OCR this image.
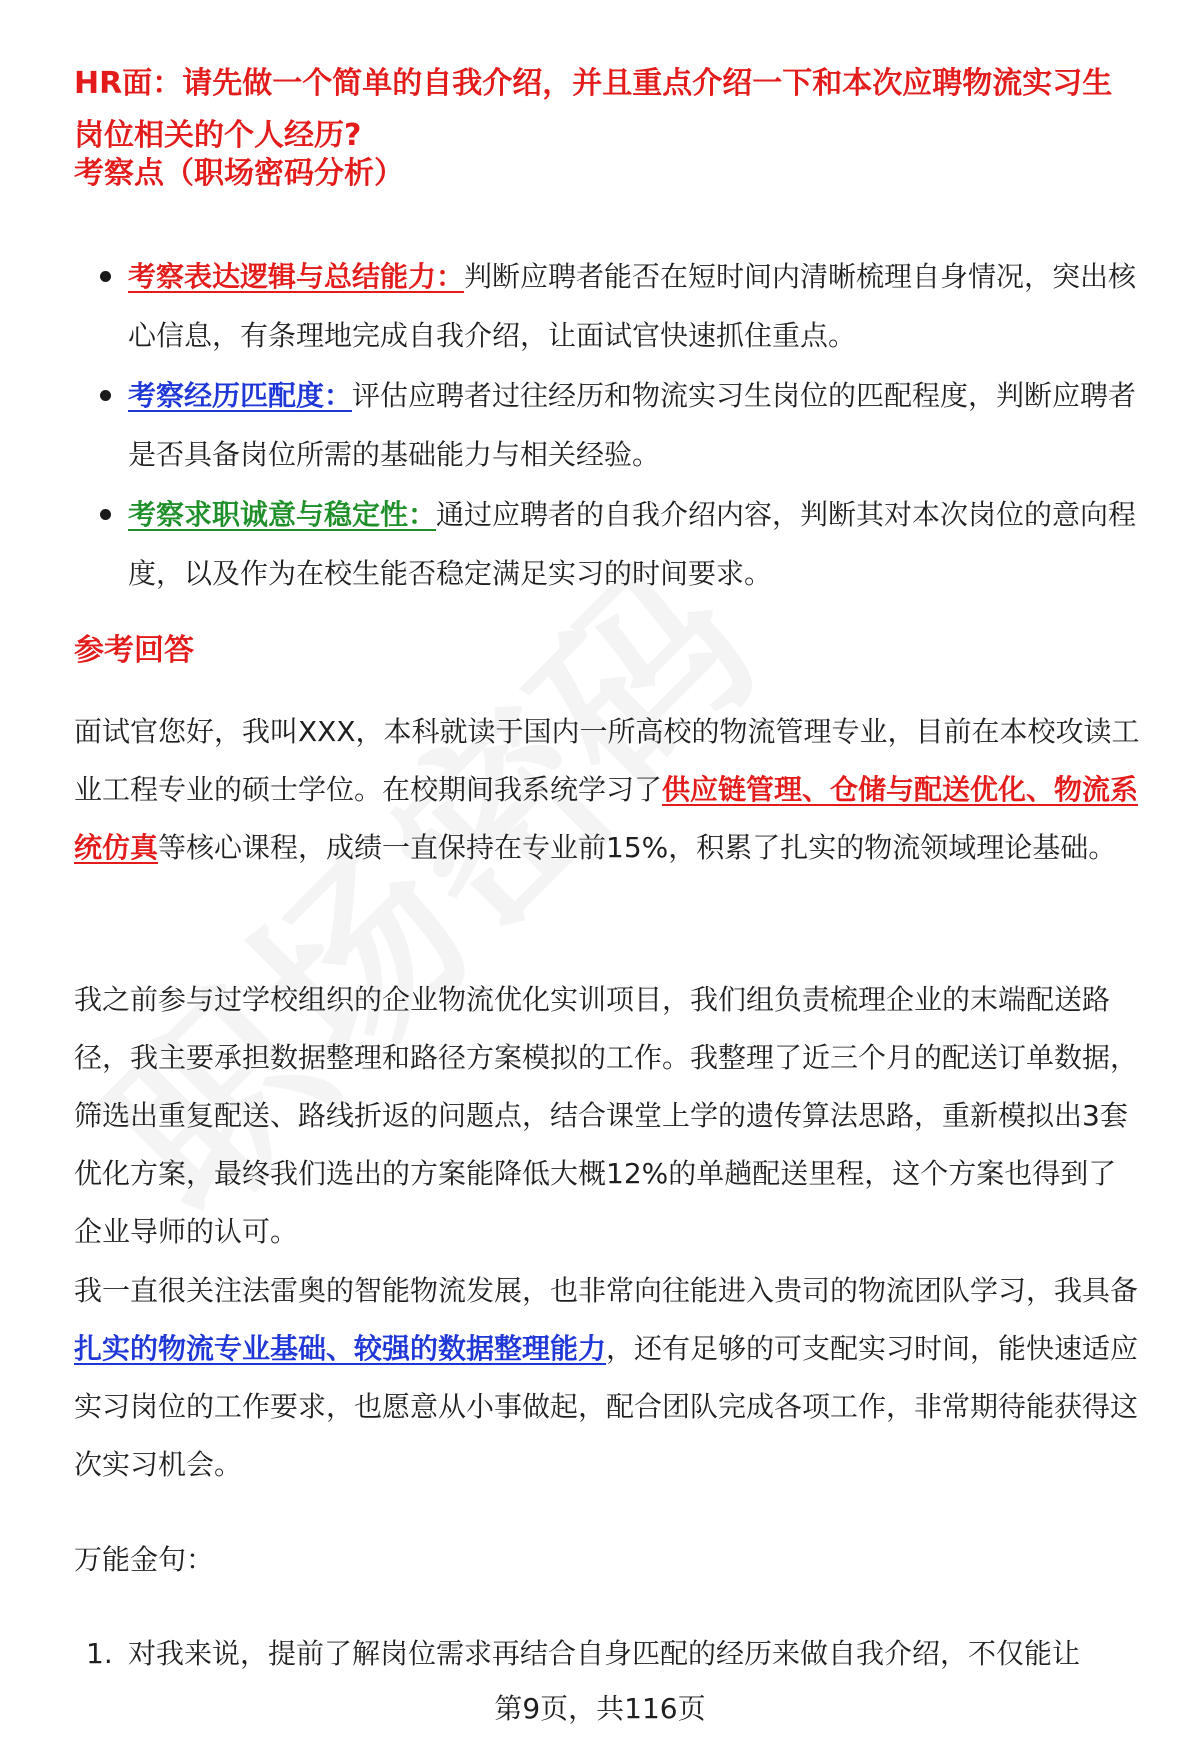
HR面：请先做一个简单的自我介绍，并且重点介绍一下和本次应聘物流实习生岗位相关的个人经历?
考察点（职场密码分析）
考察表达逻辑与总结能力：判断应聘者能否在短时间内清晰梳理自身情况，突出核心信息，有条理地完成自我介绍，让面试官快速抓住重点。
考察经历匹配度：评估应聘者过往经历和物流实习生岗位的匹配程度，判断应聘者是否具备岗位所需的基础能力与相关经验。
考察求职诚意与稳定性：通过应聘者的自我介绍内容，判断其对本次岗位的意向程度，以及作为在校生能否稳定满足实习的时间要求。
参考回答
面试官您好，我叫XXX，本科就读于国内一所高校的物流管理专业，目前在本校攻读工业工程专业的硕士学位。在校期间我系统学习了供应链管理、仓储与配送优化、物流系统仿真等核心课程，成绩一直保持在专业前15%，积累了扎实的物流领域理论基础。
我之前参与过学校组织的企业物流优化实训项目，我们组负责梳理企业的末端配送路径，我主要承担数据整理和路径方案模拟的工作。我整理了近三个月的配送订单数据，筛选出重复配送、路线折返的问题点，结合课堂上学的遗传算法思路，重新模拟出3套优化方案，最终我们选出的方案能降低大概12%的单趟配送里程，这个方案也得到了企业导师的认可。
我一直很关注法雷奥的智能物流发展，也非常向往能进入贵司的物流团队学习，我具备扎实的物流专业基础、较强的数据整理能力，还有足够的可支配实习时间，能快速适应实习岗位的工作要求，也愿意从小事做起，配合团队完成各项工作，非常期待能获得这次实习机会。
万能金句：
1. 对我来说，提前了解岗位需求再结合自身匹配的经历来做自我介绍，不仅能让
第9页，共116页
